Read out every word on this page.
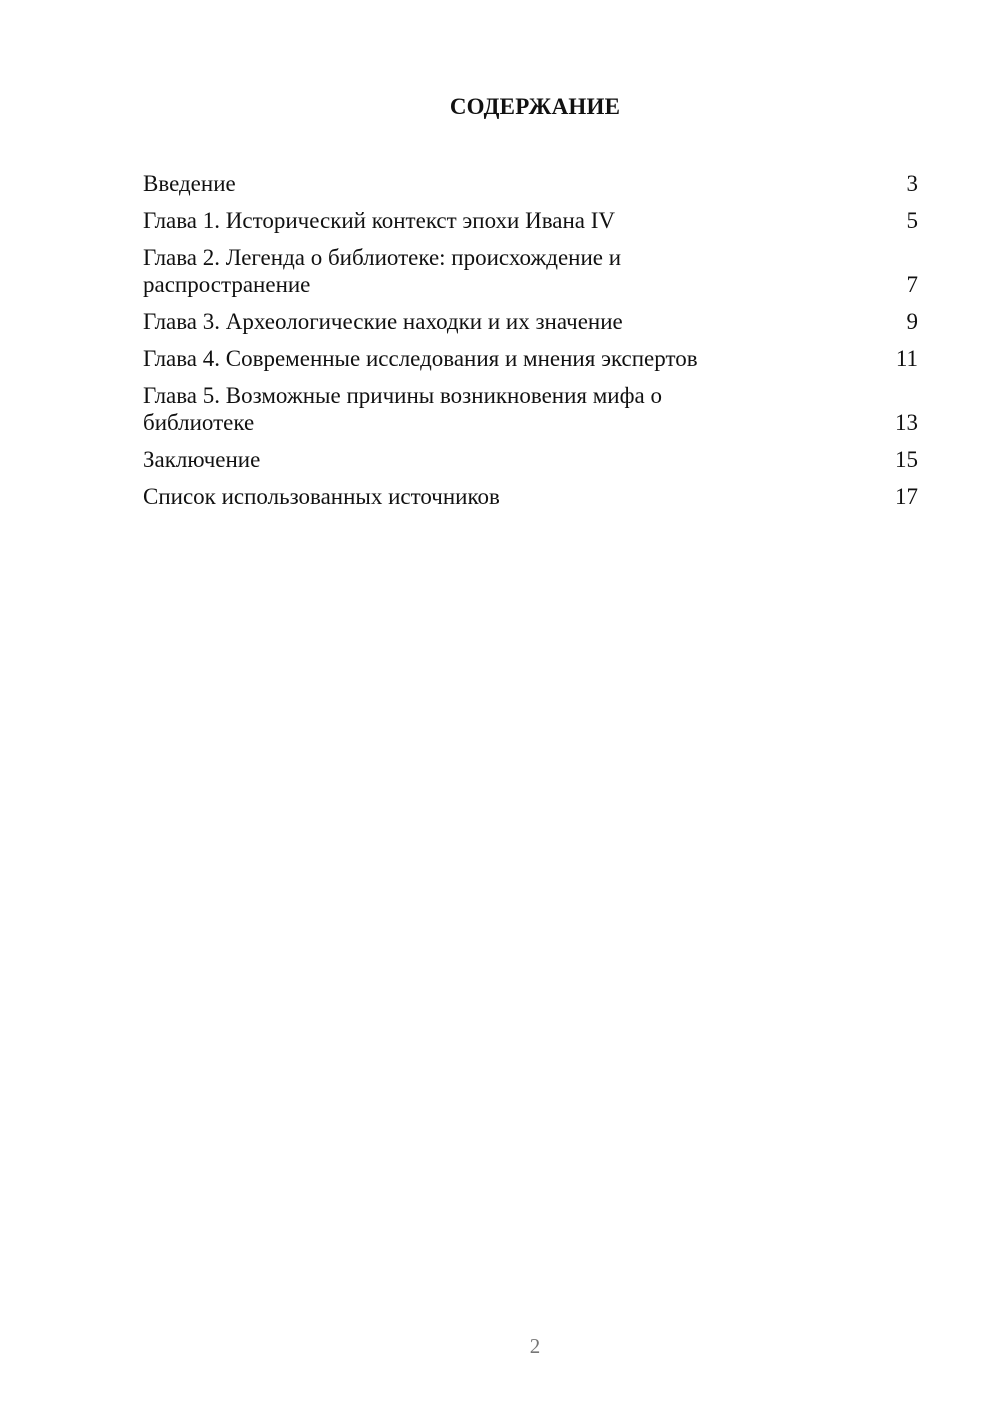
СОДЕРЖАНИЕ
Введение	3
Глава 1. Исторический контекст эпохи Ивана IV	5
Глава 2. Легенда о библиотеке: происхождение и распространение	7
Глава 3. Археологические находки и их значение	9
Глава 4. Современные исследования и мнения экспертов	11
Глава 5. Возможные причины возникновения мифа о библиотеке	13
Заключение	15
Список использованных источников	17
2
